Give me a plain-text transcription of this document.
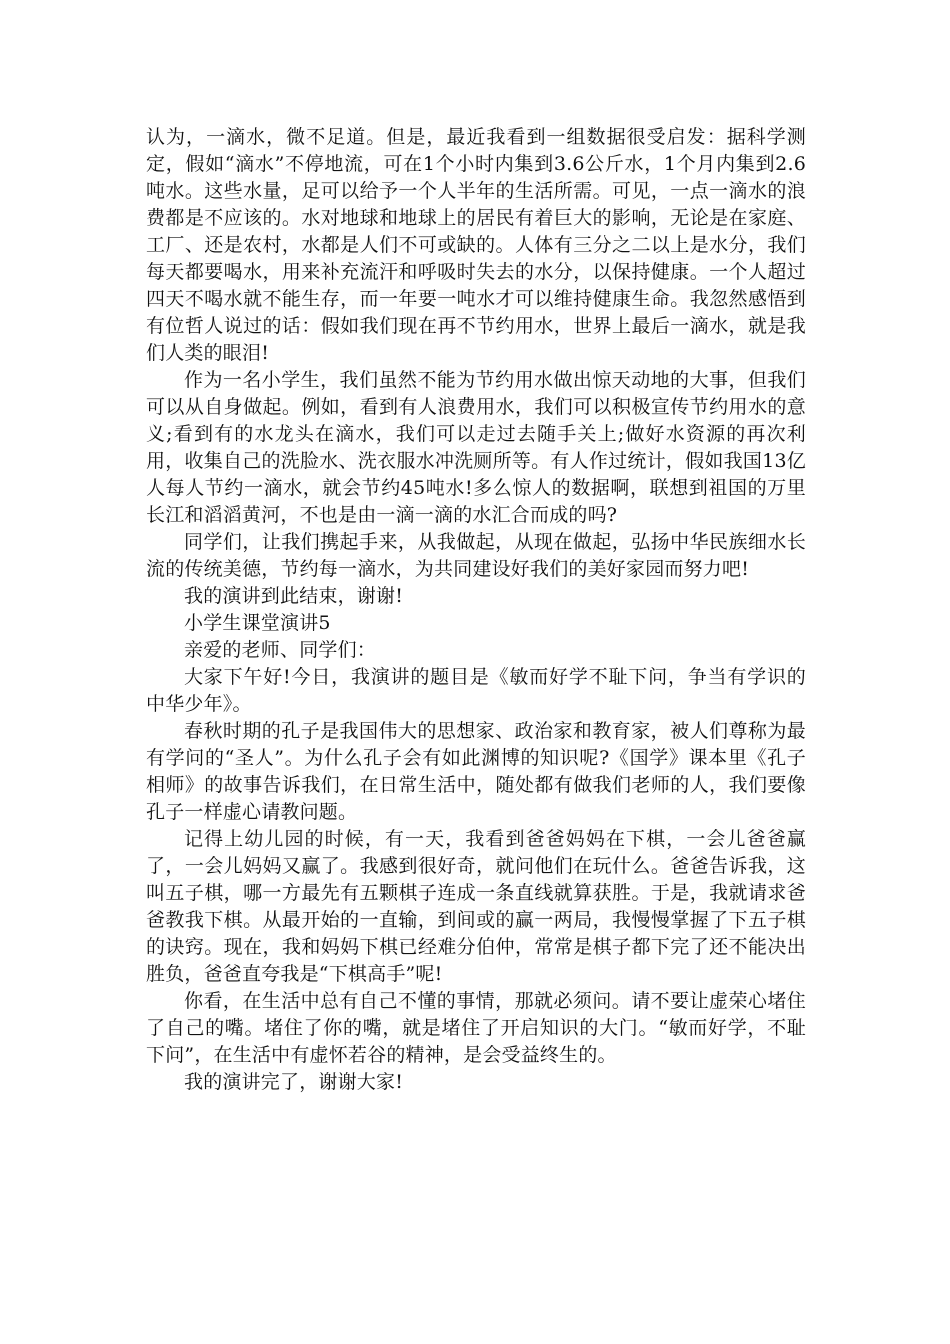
认为，一滴水，微不足道。但是，最近我看到一组数据很受启发：据科学测定，假如“滴水”不停地流，可在1个小时内集到3.6公斤水，1个月内集到2.6吨水。这些水量，足可以给予一个人半年的生活所需。可见，一点一滴水的浪费都是不应该的。水对地球和地球上的居民有着巨大的影响，无论是在家庭、工厂、还是农村，水都是人们不可或缺的。人体有三分之二以上是水分，我们每天都要喝水，用来补充流汗和呼吸时失去的水分，以保持健康。一个人超过四天不喝水就不能生存，而一年要一吨水才可以维持健康生命。我忽然感悟到有位哲人说过的话：假如我们现在再不节约用水，世界上最后一滴水，就是我们人类的眼泪!

作为一名小学生，我们虽然不能为节约用水做出惊天动地的大事，但我们可以从自身做起。例如，看到有人浪费用水，我们可以积极宣传节约用水的意义;看到有的水龙头在滴水，我们可以走过去随手关上;做好水资源的再次利用，收集自己的洗脸水、洗衣服水冲洗厕所等。有人作过统计，假如我国13亿人每人节约一滴水，就会节约45吨水!多么惊人的数据啊，联想到祖国的万里长江和滔滔黄河，不也是由一滴一滴的水汇合而成的吗?

同学们，让我们携起手来，从我做起，从现在做起，弘扬中华民族细水长流的传统美德，节约每一滴水，为共同建设好我们的美好家园而努力吧!

我的演讲到此结束，谢谢!

小学生课堂演讲5

亲爱的老师、同学们：

大家下午好!今日，我演讲的题目是《敏而好学不耻下问，争当有学识的中华少年》。

春秋时期的孔子是我国伟大的思想家、政治家和教育家，被人们尊称为最有学问的“圣人”。为什么孔子会有如此渊博的知识呢?《国学》课本里《孔子相师》的故事告诉我们，在日常生活中，随处都有做我们老师的人，我们要像孔子一样虚心请教问题。

记得上幼儿园的时候，有一天，我看到爸爸妈妈在下棋，一会儿爸爸赢了，一会儿妈妈又赢了。我感到很好奇，就问他们在玩什么。爸爸告诉我，这叫五子棋，哪一方最先有五颗棋子连成一条直线就算获胜。于是，我就请求爸爸教我下棋。从最开始的一直输，到间或的赢一两局，我慢慢掌握了下五子棋的诀窍。现在，我和妈妈下棋已经难分伯仲，常常是棋子都下完了还不能决出胜负，爸爸直夸我是“下棋高手”呢!

你看，在生活中总有自己不懂的事情，那就必须问。请不要让虚荣心堵住了自己的嘴。堵住了你的嘴，就是堵住了开启知识的大门。“敏而好学，不耻下问”，在生活中有虚怀若谷的精神，是会受益终生的。

我的演讲完了，谢谢大家!
